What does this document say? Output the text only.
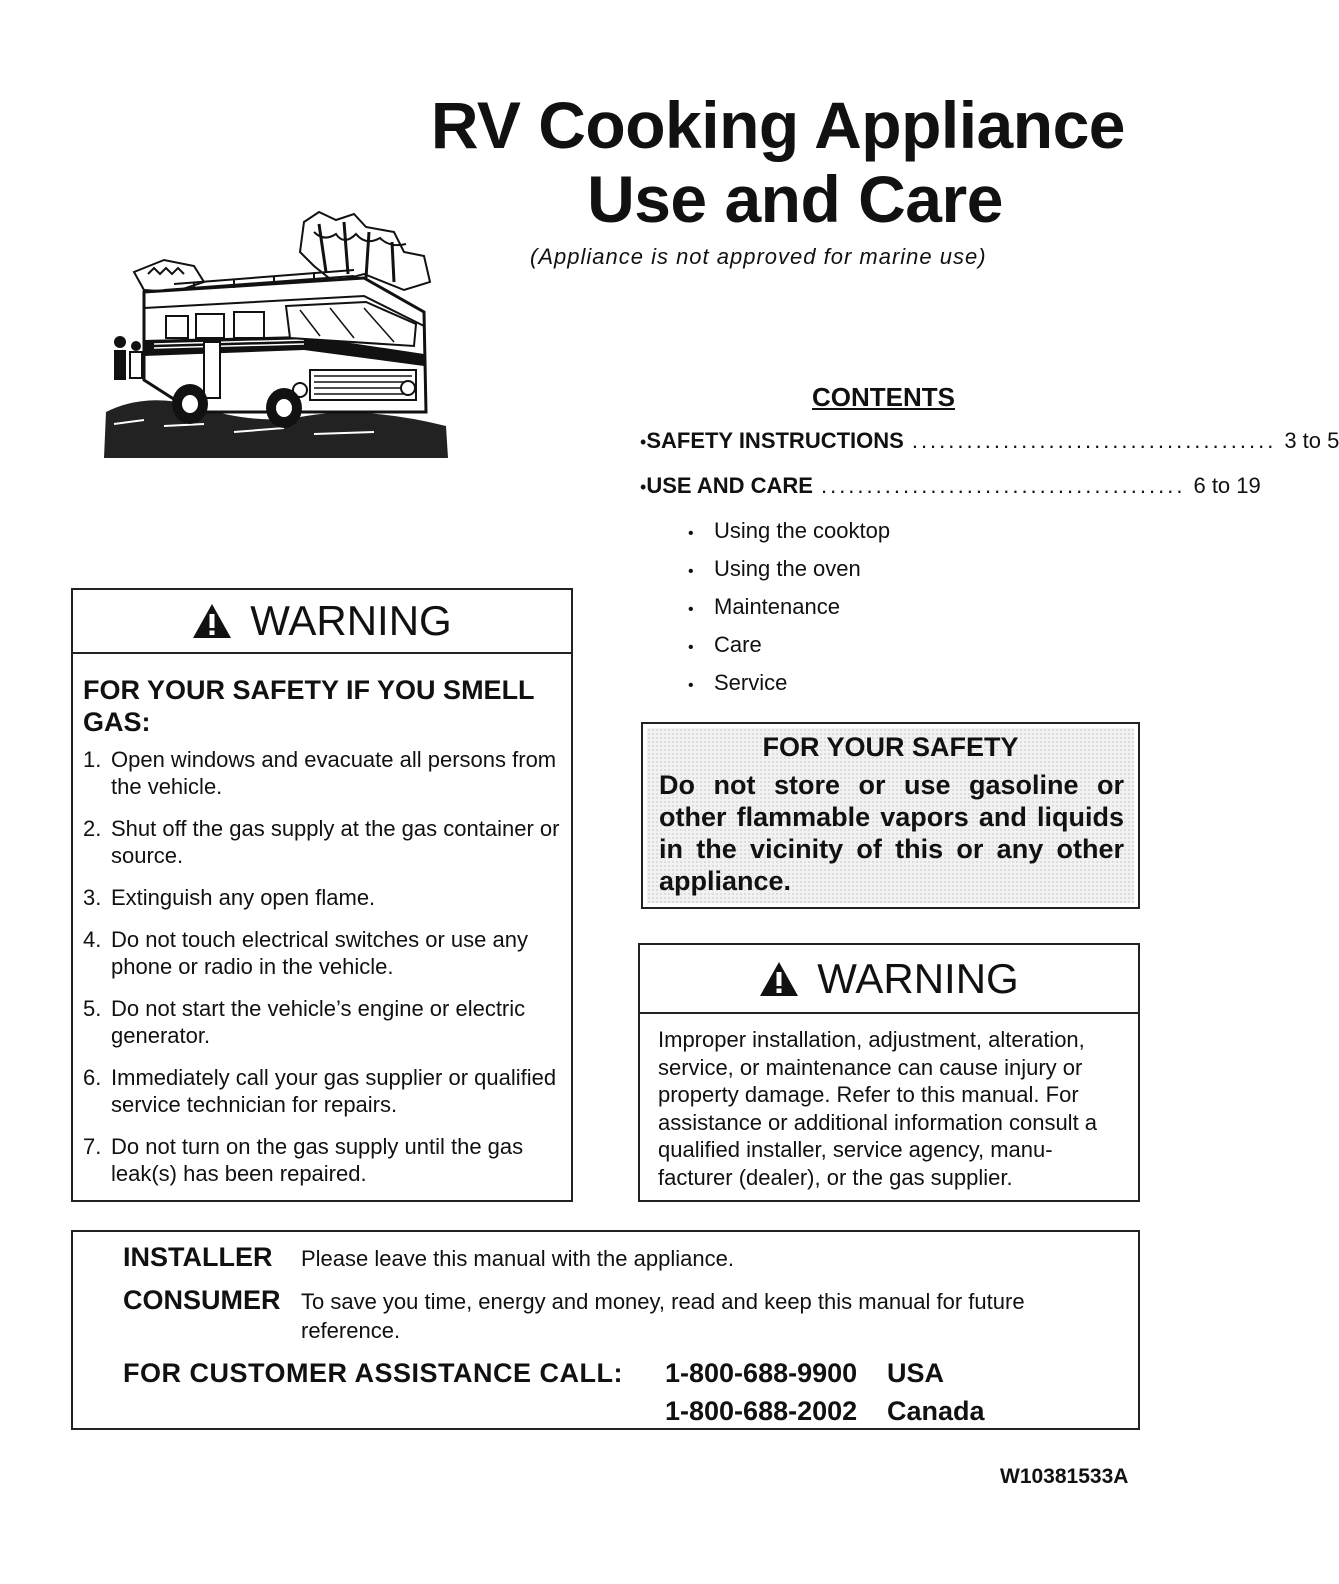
RV Cooking Appliance
Use and Care
(Appliance is not approved for marine use)
CONTENTS
• SAFETY INSTRUCTIONS ........................................ 3 to 5
• USE AND CARE ........................................ 6 to 19
• Using the cooktop
• Using the oven
• Maintenance
• Care
• Service
WARNING
FOR YOUR SAFETY IF YOU SMELL GAS:
1. Open windows and evacuate all persons from the vehicle.
2. Shut off the gas supply at the gas container or source.
3. Extinguish any open flame.
4. Do not touch electrical switches or use any phone or radio in the vehicle.
5. Do not start the vehicle’s engine or electric generator.
6. Immediately call your gas supplier or qualified service technician for repairs.
7. Do not turn on the gas supply until the gas leak(s) has been repaired.
FOR YOUR SAFETY
Do not store or use gasoline or other flammable vapors and liquids in the vicinity of this or any other appliance.
WARNING
Improper installation, adjustment, alteration, service, or maintenance can cause injury or property damage. Refer to this manual. For assistance or additional information consult a qualified installer, service agency, manu-facturer (dealer), or the gas supplier.
INSTALLER	Please leave this manual with the appliance.
CONSUMER To save you time, energy and money, read and keep this manual for future reference.
FOR CUSTOMER ASSISTANCE CALL: 1-800-688-9900 USA
1-800-688-2002 Canada
W10381533A
